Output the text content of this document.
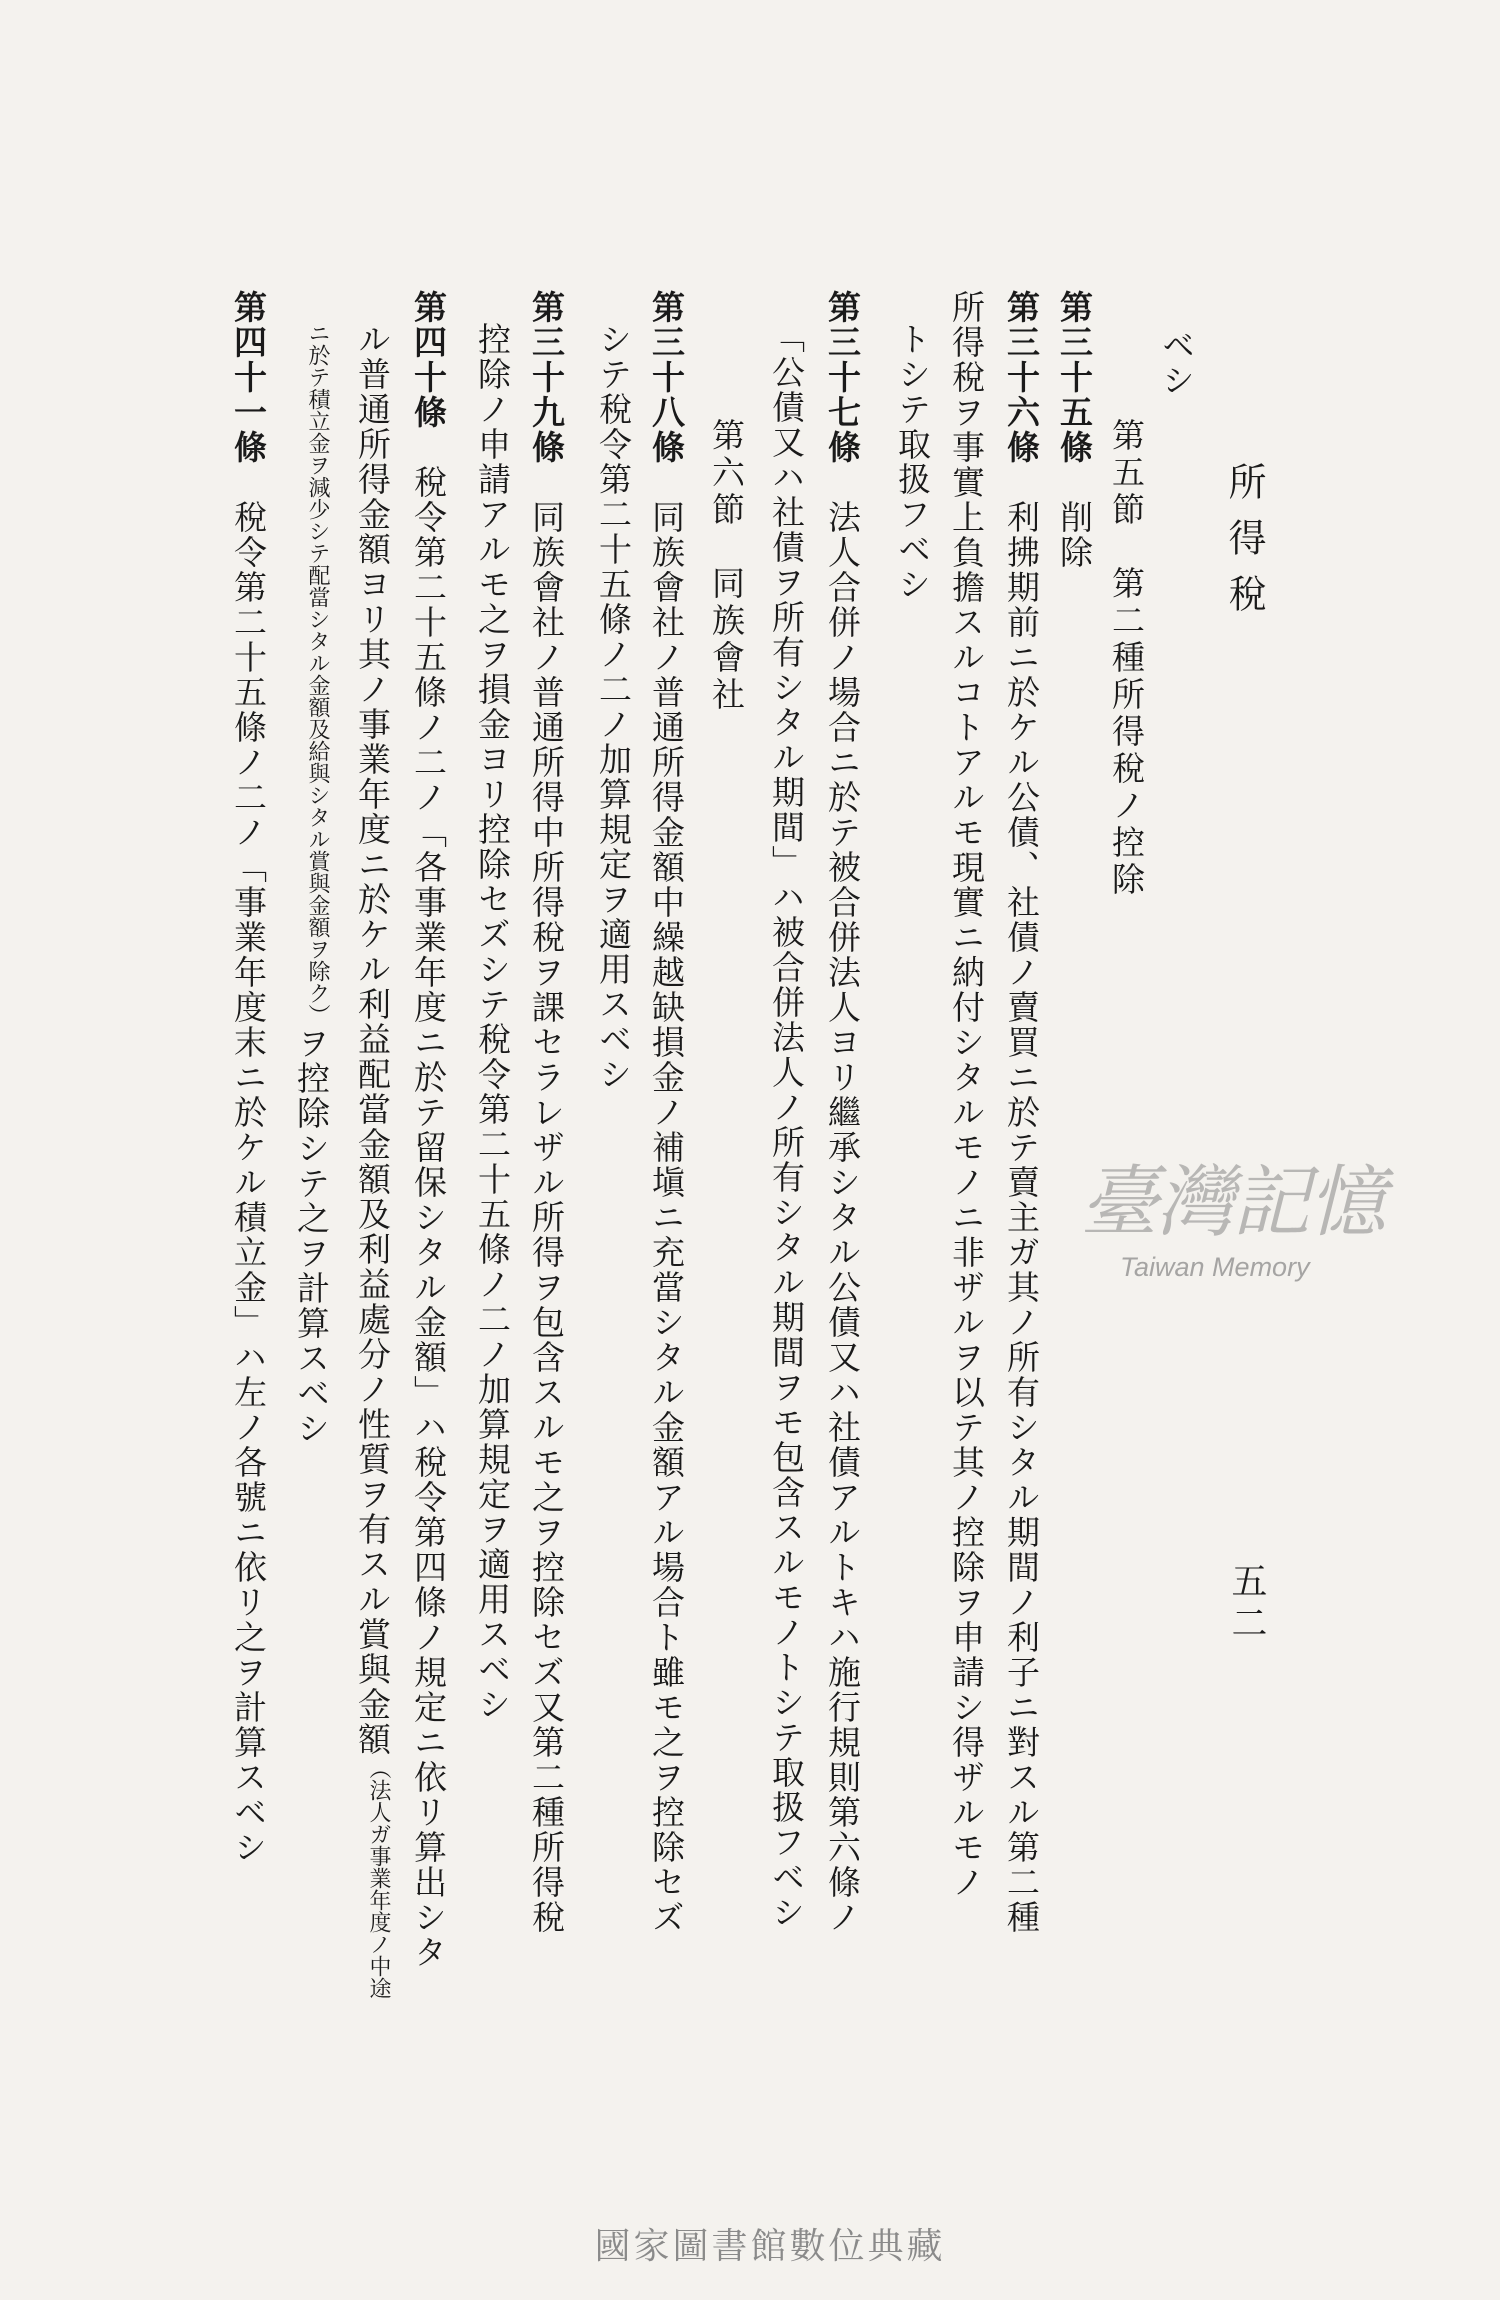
所得稅
五二
ベシ
第三十五條　削除
第三十六條　利拂期前ニ於ケル公債、社債ノ賣買ニ於テ賣主ガ其ノ所有シタル期間ノ利子ニ對スル第二種
所得稅ヲ事實上負擔スルコトアルモ現實ニ納付シタルモノニ非ザルヲ以テ其ノ控除ヲ申請シ得ザルモノ
トシテ取扱フベシ
第三十七條　法人合併ノ場合ニ於テ被合併法人ヨリ繼承シタル公債又ハ社債アルトキハ施行規則第六條ノ
「公債又ハ社債ヲ所有シタル期間」ハ被合併法人ノ所有シタル期間ヲモ包含スルモノトシテ取扱フベシ
第三十八條　同族會社ノ普通所得金額中繰越缺損金ノ補塡ニ充當シタル金額アル場合ト雖モ之ヲ控除セズ
シテ稅令第二十五條ノ二ノ加算規定ヲ適用スベシ
第三十九條　同族會社ノ普通所得中所得稅ヲ課セラレザル所得ヲ包含スルモ之ヲ控除セズ又第二種所得稅
控除ノ申請アルモ之ヲ損金ヨリ控除セズシテ稅令第二十五條ノ二ノ加算規定ヲ適用スベシ
第四十條　稅令第二十五條ノ二ノ「各事業年度ニ於テ留保シタル金額」ハ稅令第四條ノ規定ニ依リ算出シタ
ル普通所得金額ヨリ其ノ事業年度ニ於ケル利益配當金額及利益處分ノ性質ヲ有スル賞與金額（法人ガ事業年度ノ中途
ニ於テ積立金ヲ減少シテ配當シタル金額及給與シタル賞與金額ヲ除ク）ヲ控除シテ之ヲ計算スベシ
第四十一條　稅令第二十五條ノ二ノ「事業年度末ニ於ケル積立金」ハ左ノ各號ニ依リ之ヲ計算スベシ	第五節　第二種所得稅ノ控除
第六節　同族會社
臺灣記憶
Taiwan Memory
國家圖書館數位典藏
